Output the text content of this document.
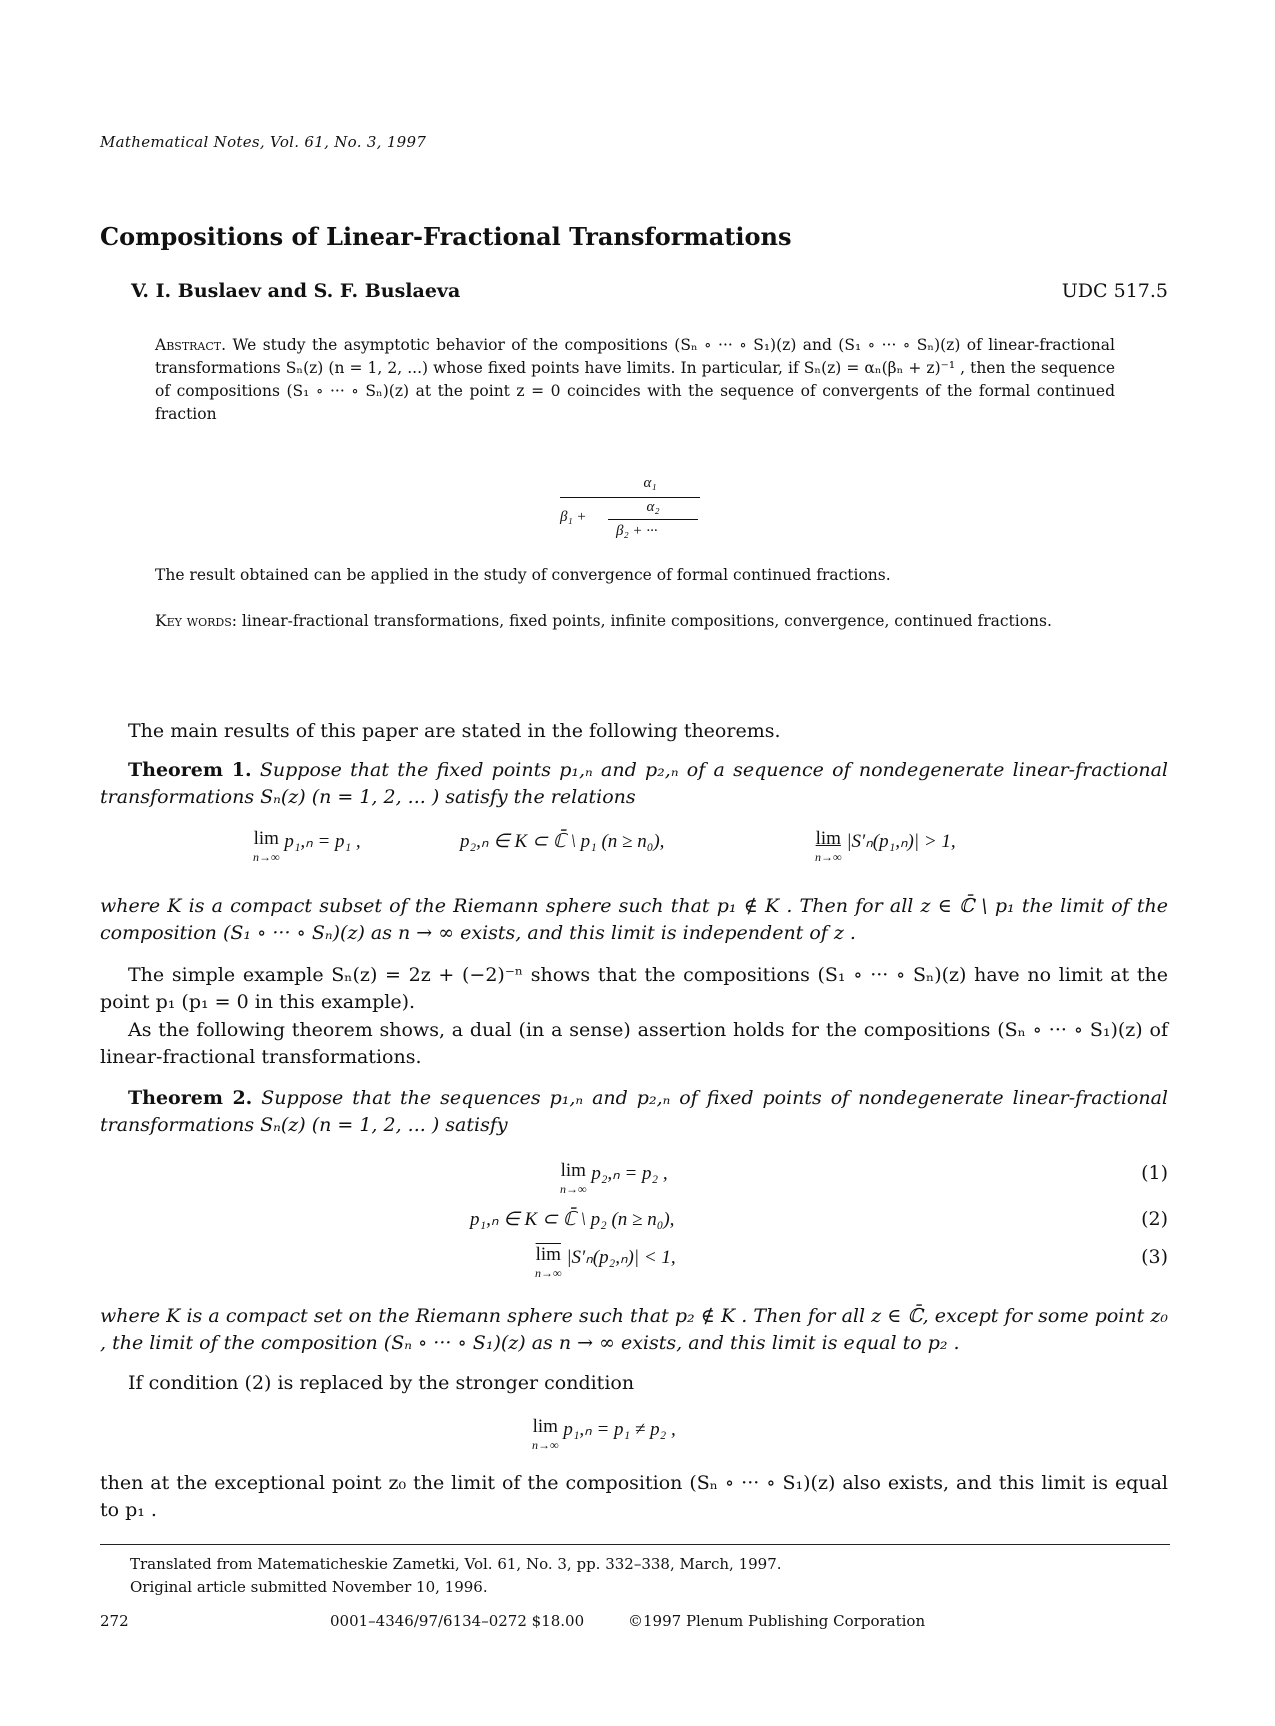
Mathematical Notes, Vol. 61, No. 3, 1997
Compositions of Linear-Fractional Transformations
V. I. Buslaev and S. F. Buslaeva	UDC 517.5
Abstract. We study the asymptotic behavior of the compositions (Sₙ ∘ ··· ∘ S₁)(z) and (S₁ ∘ ··· ∘ Sₙ)(z) of linear-fractional transformations Sₙ(z) (n = 1, 2, ...) whose fixed points have limits. In particular, if Sₙ(z) = αₙ(βₙ + z)⁻¹ , then the sequence of compositions (S₁ ∘ ··· ∘ Sₙ)(z) at the point z = 0 coincides with the sequence of convergents of the formal continued fraction
α₁
α₂
β₁ +
β₂ + ···
The result obtained can be applied in the study of convergence of formal continued fractions.
Key words: linear-fractional transformations, fixed points, infinite compositions, convergence, continued fractions.
The main results of this paper are stated in the following theorems.
Theorem 1. Suppose that the fixed points p₁,ₙ and p₂,ₙ of a sequence of nondegenerate linear-fractional transformations Sₙ(z) (n = 1, 2, ... ) satisfy the relations
lim
n→∞
p₁,ₙ = p₁ ,	p₂,ₙ ∈ K ⊂ ℂ̄ \ p₁ (n ≥ n₀),	lim
n→∞
|S′ₙ(p₁,ₙ)| > 1,
where K is a compact subset of the Riemann sphere such that p₁ ∉ K . Then for all z ∈ ℂ̄ \ p₁ the limit of the composition (S₁ ∘ ··· ∘ Sₙ)(z) as n → ∞ exists, and this limit is independent of z .
The simple example Sₙ(z) = 2z + (−2)⁻ⁿ shows that the compositions (S₁ ∘ ··· ∘ Sₙ)(z) have no limit at the point p₁ (p₁ = 0 in this example).
As the following theorem shows, a dual (in a sense) assertion holds for the compositions (Sₙ ∘ ··· ∘ S₁)(z) of linear-fractional transformations.
Theorem 2. Suppose that the sequences p₁,ₙ and p₂,ₙ of fixed points of nondegenerate linear-fractional transformations Sₙ(z) (n = 1, 2, ... ) satisfy
lim
n→∞
p₂,ₙ = p₂ ,	(1)
p₁,ₙ ∈ K ⊂ ℂ̄ \ p₂ (n ≥ n₀),	(2)
$\overline{lim}$
n→∞
|S′ₙ(p₂,ₙ)| < 1,	(3)
where K is a compact set on the Riemann sphere such that p₂ ∉ K . Then for all z ∈ ℂ̄, except for some point z₀ , the limit of the composition (Sₙ ∘ ··· ∘ S₁)(z) as n → ∞ exists, and this limit is equal to p₂ .
If condition (2) is replaced by the stronger condition
lim
n→∞
p₁,ₙ = p₁ ≠ p₂ ,
then at the exceptional point z₀ the limit of the composition (Sₙ ∘ ··· ∘ S₁)(z) also exists, and this limit is equal to p₁ .
Translated from Matematicheskie Zametki, Vol. 61, No. 3, pp. 332–338, March, 1997.
Original article submitted November 10, 1996.
272	0001–4346/97/6134–0272 $18.00	©1997 Plenum Publishing Corporation
